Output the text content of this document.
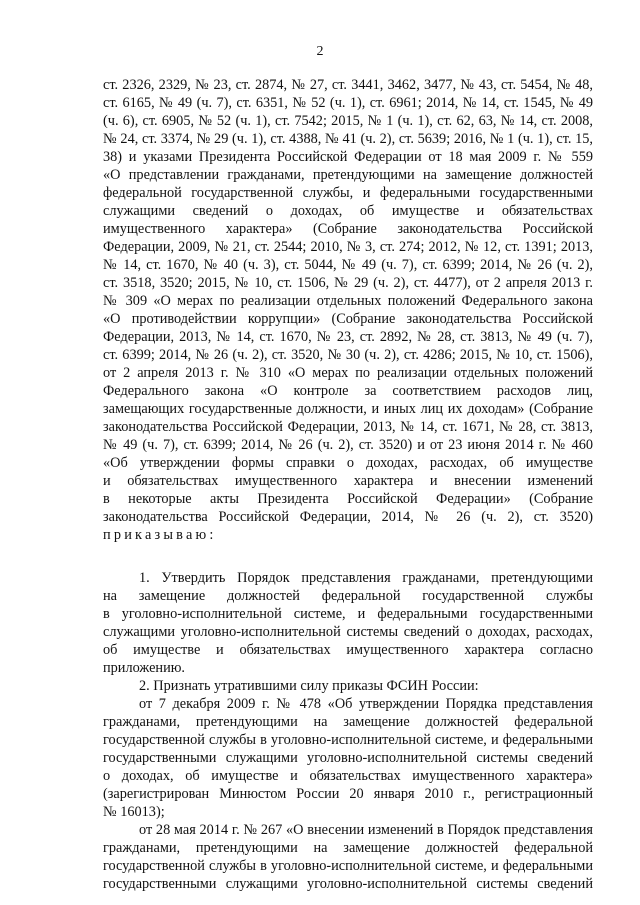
2
ст. 2326, 2329, № 23, ст. 2874, № 27, ст. 3441, 3462, 3477, № 43, ст. 5454, № 48,
ст. 6165, № 49 (ч. 7), ст. 6351, № 52 (ч. 1), ст. 6961; 2014, № 14, ст. 1545, № 49
(ч. 6), ст. 6905, № 52 (ч. 1), ст. 7542; 2015, № 1 (ч. 1), ст. 62, 63, № 14, ст. 2008,
№ 24, ст. 3374, № 29 (ч. 1), ст. 4388, № 41 (ч. 2), ст. 5639; 2016, № 1 (ч. 1), ст. 15,
38) и указами Президента Российской Федерации от 18 мая 2009 г. № 559
«О представлении гражданами, претендующими на замещение должностей
федеральной государственной службы, и федеральными государственными
служащими сведений о доходах, об имуществе и обязательствах
имущественного характера» (Собрание законодательства Российской
Федерации, 2009, № 21, ст. 2544; 2010, № 3, ст. 274; 2012, № 12, ст. 1391; 2013,
№ 14, ст. 1670, № 40 (ч. 3), ст. 5044, № 49 (ч. 7), ст. 6399; 2014, № 26 (ч. 2),
ст. 3518, 3520; 2015, № 10, ст. 1506, № 29 (ч. 2), ст. 4477), от 2 апреля 2013 г.
№ 309 «О мерах по реализации отдельных положений Федерального закона
«О противодействии коррупции» (Собрание законодательства Российской
Федерации, 2013, № 14, ст. 1670, № 23, ст. 2892, № 28, ст. 3813, № 49 (ч. 7),
ст. 6399; 2014, № 26 (ч. 2), ст. 3520, № 30 (ч. 2), ст. 4286; 2015, № 10, ст. 1506),
от 2 апреля 2013 г. № 310 «О мерах по реализации отдельных положений
Федерального закона «О контроле за соответствием расходов лиц,
замещающих государственные должности, и иных лиц их доходам» (Собрание
законодательства Российской Федерации, 2013, № 14, ст. 1671, № 28, ст. 3813,
№ 49 (ч. 7), ст. 6399; 2014, № 26 (ч. 2), ст. 3520) и от 23 июня 2014 г. № 460
«Об утверждении формы справки о доходах, расходах, об имуществе
и обязательствах имущественного характера и внесении изменений
в некоторые акты Президента Российской Федерации» (Собрание
законодательства Российской Федерации, 2014, № 26 (ч. 2), ст. 3520)
приказываю:
1. Утвердить Порядок представления гражданами, претендующими
на замещение должностей федеральной государственной службы
в уголовно-исполнительной системе, и федеральными государственными
служащими уголовно-исполнительной системы сведений о доходах, расходах,
об имуществе и обязательствах имущественного характера согласно
приложению.
2. Признать утратившими силу приказы ФСИН России:
от 7 декабря 2009 г. № 478 «Об утверждении Порядка представления
гражданами, претендующими на замещение должностей федеральной
государственной службы в уголовно-исполнительной системе, и федеральными
государственными служащими уголовно-исполнительной системы сведений
о доходах, об имуществе и обязательствах имущественного характера»
(зарегистрирован Минюстом России 20 января 2010 г., регистрационный
№ 16013);
от 28 мая 2014 г. № 267 «О внесении изменений в Порядок представления
гражданами, претендующими на замещение должностей федеральной
государственной службы в уголовно-исполнительной системе, и федеральными
государственными служащими уголовно-исполнительной системы сведений
